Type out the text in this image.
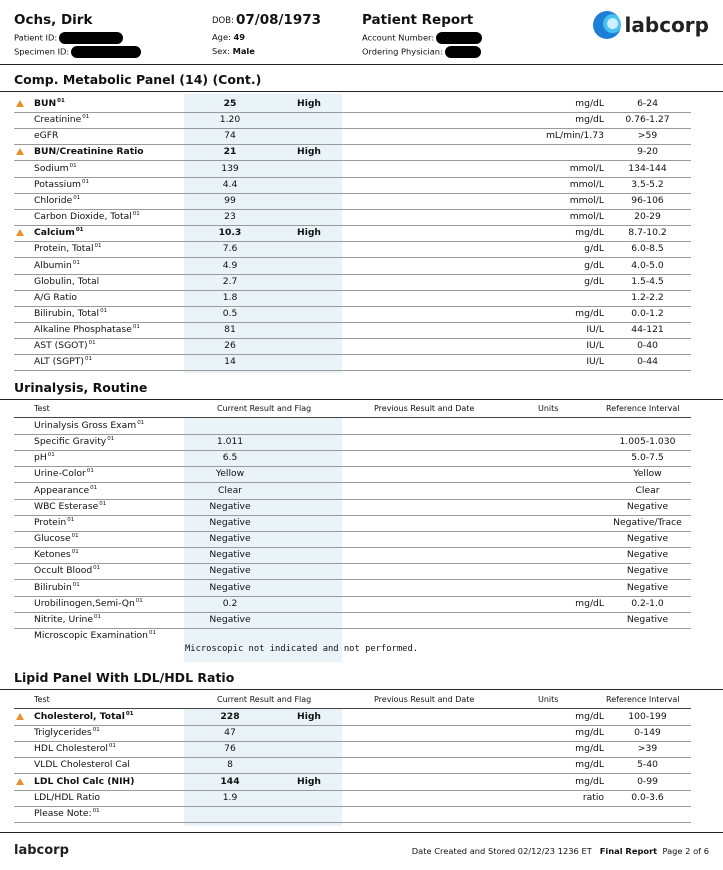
Ochs, Dirk
Patient ID:
Specimen ID:
DOB: 07/08/1973
Age: 49
Sex: Male
Patient Report
Account Number:
Ordering Physician:
labcorp
Comp. Metabolic Panel (14) (Cont.)
BUN$^{01}$	25	High	mg/dL	6-24
Creatinine$^{01}$	1.20	mg/dL	0.76-1.27
eGFR	74	mL/min/1.73	>59
BUN/Creatinine Ratio	21	High	9-20
Sodium$^{01}$	139	mmol/L	134-144
Potassium$^{01}$	4.4	mmol/L	3.5-5.2
Chloride$^{01}$	99	mmol/L	96-106
Carbon Dioxide, Total$^{01}$	23	mmol/L	20-29
Calcium$^{01}$	10.3	High	mg/dL	8.7-10.2
Protein, Total$^{01}$	7.6	g/dL	6.0-8.5
Albumin$^{01}$	4.9	g/dL	4.0-5.0
Globulin, Total	2.7	g/dL	1.5-4.5
A/G Ratio	1.8	1.2-2.2
Bilirubin, Total$^{01}$	0.5	mg/dL	0.0-1.2
Alkaline Phosphatase$^{01}$	81	IU/L	44-121
AST (SGOT)$^{01}$	26	IU/L	0-40
ALT (SGPT)$^{01}$	14	IU/L	0-44
Urinalysis, Routine
Test	Current Result and Flag	Previous Result and Date	Units	Reference Interval
Urinalysis Gross Exam$^{01}$
Specific Gravity$^{01}$	1.011	1.005-1.030
$pH^{01}$	6.5	5.0-7.5
Urine-Color$^{01}$	Yellow	Yellow
Appearance$^{01}$	Clear	Clear
WBC Esterase$^{01}$	Negative	Negative
Protein$^{01}$	Negative	Negative/Trace
Glucose$^{01}$	Negative	Negative
Ketones$^{01}$	Negative	Negative
Occult Blood$^{01}$	Negative	Negative
Bilirubin$^{01}$	Negative	Negative
Urobilinogen,Semi-Qn$^{01}$	0.2	mg/dL	0.2-1.0
Nitrite, Urine$^{01}$	Negative	Negative
Microscopic Examination$^{01}$
Microscopic not indicated and not performed.
Lipid Panel With LDL/HDL Ratio
Test	Current Result and Flag	Previous Result and Date	Units	Reference Interval
Cholesterol, Total$^{01}$	228	High	mg/dL	100-199
Triglycerides$^{01}$	47	mg/dL	0-149
HDL Cholesterol$^{01}$	76	mg/dL	>39
VLDL Cholesterol Cal	8	mg/dL	5-40
LDL Chol Calc (NIH)	144	High	mg/dL	0-99
LDL/HDL Ratio	1.9	ratio	0.0-3.6
Please Note:$^{01}$
labcorp	Date Created and Stored 02/12/23 1236 ET Final Report Page 2 of 6
